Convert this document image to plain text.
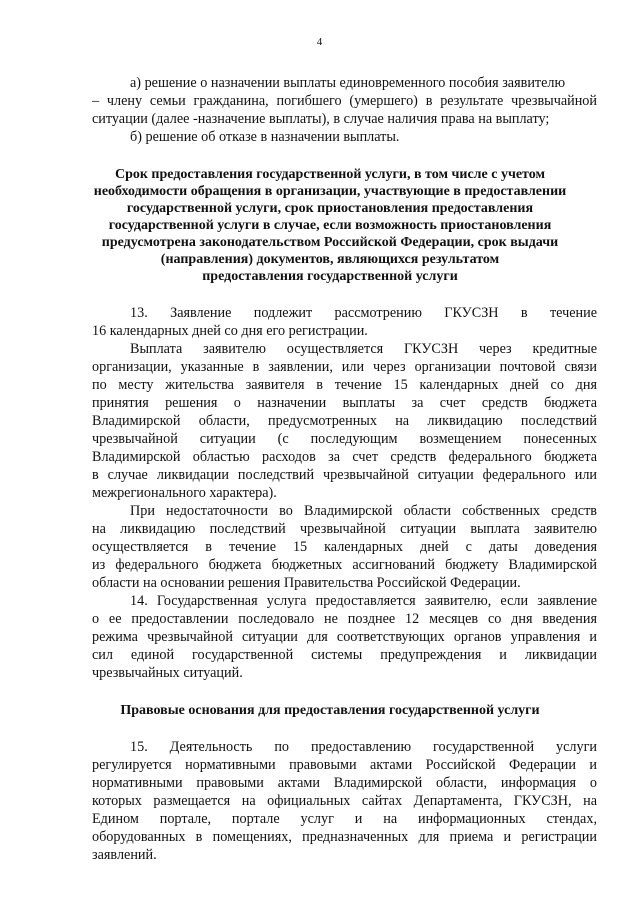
4
а) решение о назначении выплаты единовременного пособия заявителю
– члену семьи гражданина, погибшего (умершего) в результате чрезвычайной
ситуации (далее -назначение выплаты), в случае наличия права на выплату;
б) решение об отказе в назначении выплаты.
Срок предоставления государственной услуги, в том числе с учетом
необходимости обращения в организации, участвующие в предоставлении
государственной услуги, срок приостановления предоставления
государственной услуги в случае, если возможность приостановления
предусмотрена законодательством Российской Федерации, срок выдачи
(направления) документов, являющихся результатом
предоставления государственной услуги
13. Заявление подлежит рассмотрению ГКУСЗН в течение
16 календарных дней со дня его регистрации.
Выплата заявителю осуществляется ГКУСЗН через кредитные
организации, указанные в заявлении, или через организации почтовой связи
по месту жительства заявителя в течение 15 календарных дней со дня
принятия решения о назначении выплаты за счет средств бюджета
Владимирской области, предусмотренных на ликвидацию последствий
чрезвычайной ситуации (с последующим возмещением понесенных
Владимирской областью расходов за счет средств федерального бюджета
в случае ликвидации последствий чрезвычайной ситуации федерального или
межрегионального характера).
При недостаточности во Владимирской области собственных средств
на ликвидацию последствий чрезвычайной ситуации выплата заявителю
осуществляется в течение 15 календарных дней с даты доведения
из федерального бюджета бюджетных ассигнований бюджету Владимирской
области на основании решения Правительства Российской Федерации.
14. Государственная услуга предоставляется заявителю, если заявление
о ее предоставлении последовало не позднее 12 месяцев со дня введения
режима чрезвычайной ситуации для соответствующих органов управления и
сил единой государственной системы предупреждения и ликвидации
чрезвычайных ситуаций.
Правовые основания для предоставления государственной услуги
15. Деятельность по предоставлению государственной услуги
регулируется нормативными правовыми актами Российской Федерации и
нормативными правовыми актами Владимирской области, информация о
которых размещается на официальных сайтах Департамента, ГКУСЗН, на
Едином портале, портале услуг и на информационных стендах,
оборудованных в помещениях, предназначенных для приема и регистрации
заявлений.
